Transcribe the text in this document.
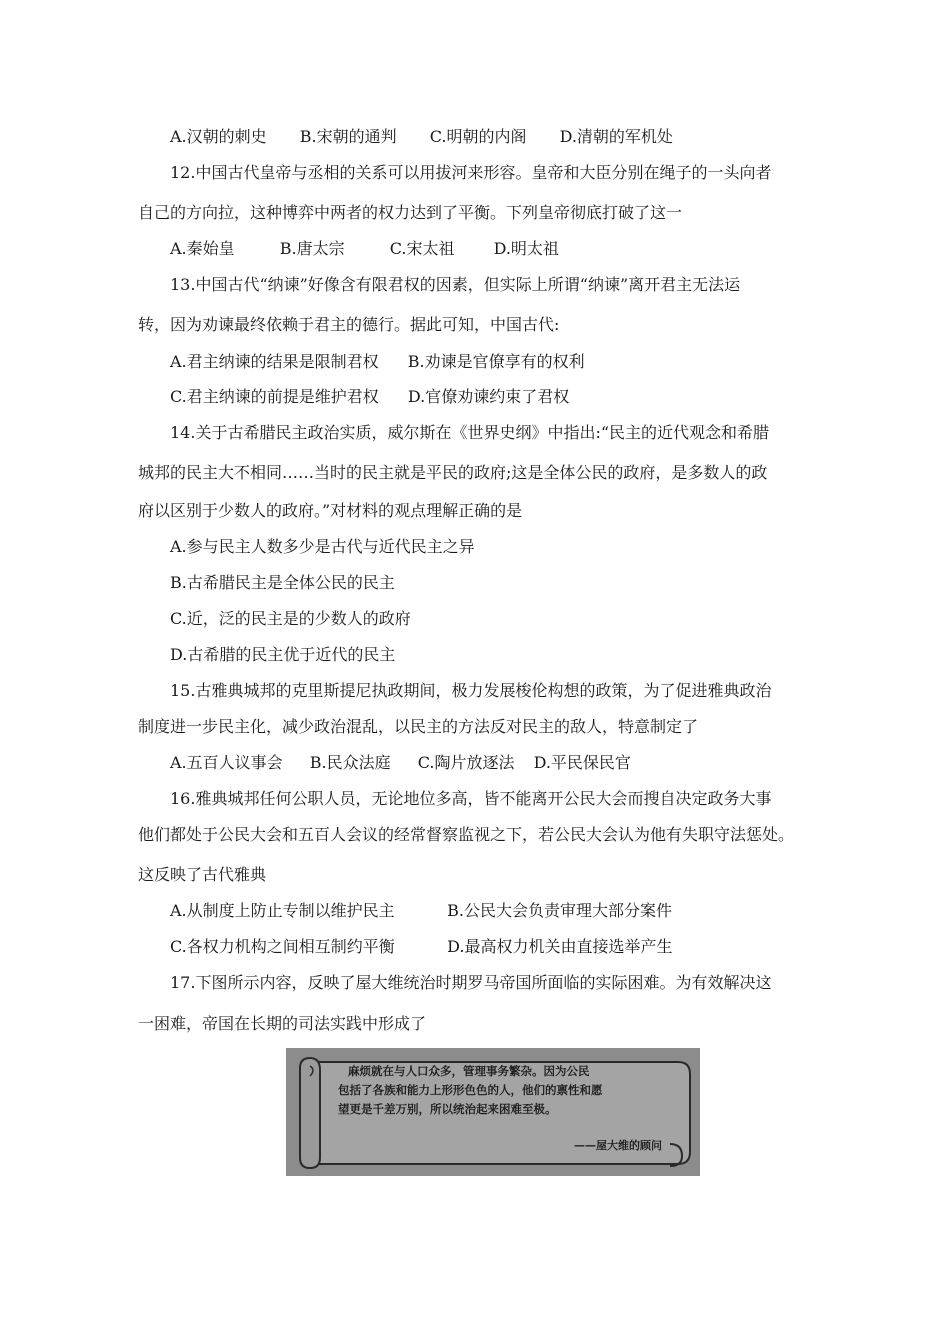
A.汉朝的刺史 B.宋朝的通判 C.明朝的内阁 D.清朝的军机处
12.中国古代皇帝与丞相的关系可以用拔河来形容。皇帝和大臣分别在绳子的一头向者
自己的方向拉，这种博弈中两者的权力达到了平衡。下列皇帝彻底打破了这一
A.秦始皇	B.唐太宗	C.宋太祖 D.明太祖
13.中国古代“纳谏”好像含有限君权的因素，但实际上所谓“纳谏”离开君主无法运
转，因为劝谏最终依赖于君主的德行。据此可知，中国古代:
A.君主纳谏的结果是限制君权 B.劝谏是官僚享有的权利
C.君主纳谏的前提是维护君权 D.官僚劝谏约束了君权
14.关于古希腊民主政治实质，威尔斯在《世界史纲》中指出:“民主的近代观念和希腊
城邦的民主大不相同……当时的民主就是平民的政府;这是全体公民的政府，是多数人的政
府以区别于少数人的政府。”对材料的观点理解正确的是
A.参与民主人数多少是古代与近代民主之异
B.古希腊民主是全体公民的民主
C.近，泛的民主是的少数人的政府
D.古希腊的民主优于近代的民主
15.古雅典城邦的克里斯提尼执政期间，极力发展梭伦构想的政策，为了促进雅典政治
制度进一步民主化，减少政治混乱，以民主的方法反对民主的敌人，特意制定了
A.五百人议事会 B.民众法庭 C.陶片放逐法 D.平民保民官
16.雅典城邦任何公职人员，无论地位多高，皆不能离开公民大会而搜自决定政务大事
他们都处于公民大会和五百人会议的经常督察监视之下，若公民大会认为他有失职守法惩处。
这反映了古代雅典
A.从制度上防止专制以维护民主	B.公民大会负责审理大部分案件
C.各权力机构之间相互制约平衡	D.最高权力机关由直接选举产生
17.下图所示内容，反映了屋大维统治时期罗马帝国所面临的实际困难。为有效解决这
一困难，帝国在长期的司法实践中形成了
麻烦就在与人口众多，管理事务繁杂。因为公民
包括了各族和能力上形形色色的人，他们的禀性和愿
望更是千差万别，所以统治起来困难至极。
——屋大维的顾问
